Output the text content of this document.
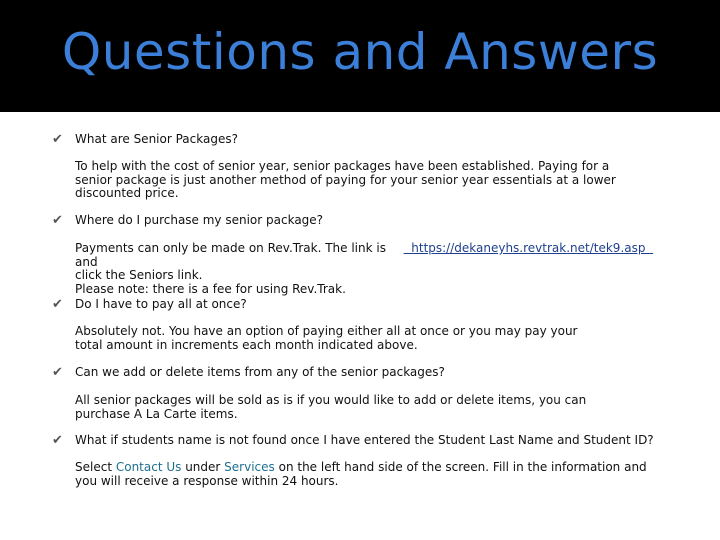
Questions and Answers
✔ What are Senior Packages?
To help with the cost of senior year, senior packages have been established. Paying for a senior package is just another method of paying for your senior year essentials at a lower discounted price.
✔ Where do I purchase my senior package?
Payments can only be made on Rev.Trak. The link is    https://dekaneyhs.revtrak.net/tek9.asp   and
click the Seniors link.
Please note: there is a fee for using Rev.Trak.
✔ Do I have to pay all at once?
Absolutely not. You have an option of paying either all at once or you may pay your total amount in increments each month indicated above.
✔ Can we add or delete items from any of the senior packages?
All senior packages will be sold as is if you would like to add or delete items, you can purchase A La Carte items.
✔ What if students name is not found once I have entered the Student Last Name and Student ID?
Select Contact Us under Services on the left hand side of the screen. Fill in the information and you will receive a response within 24 hours.
